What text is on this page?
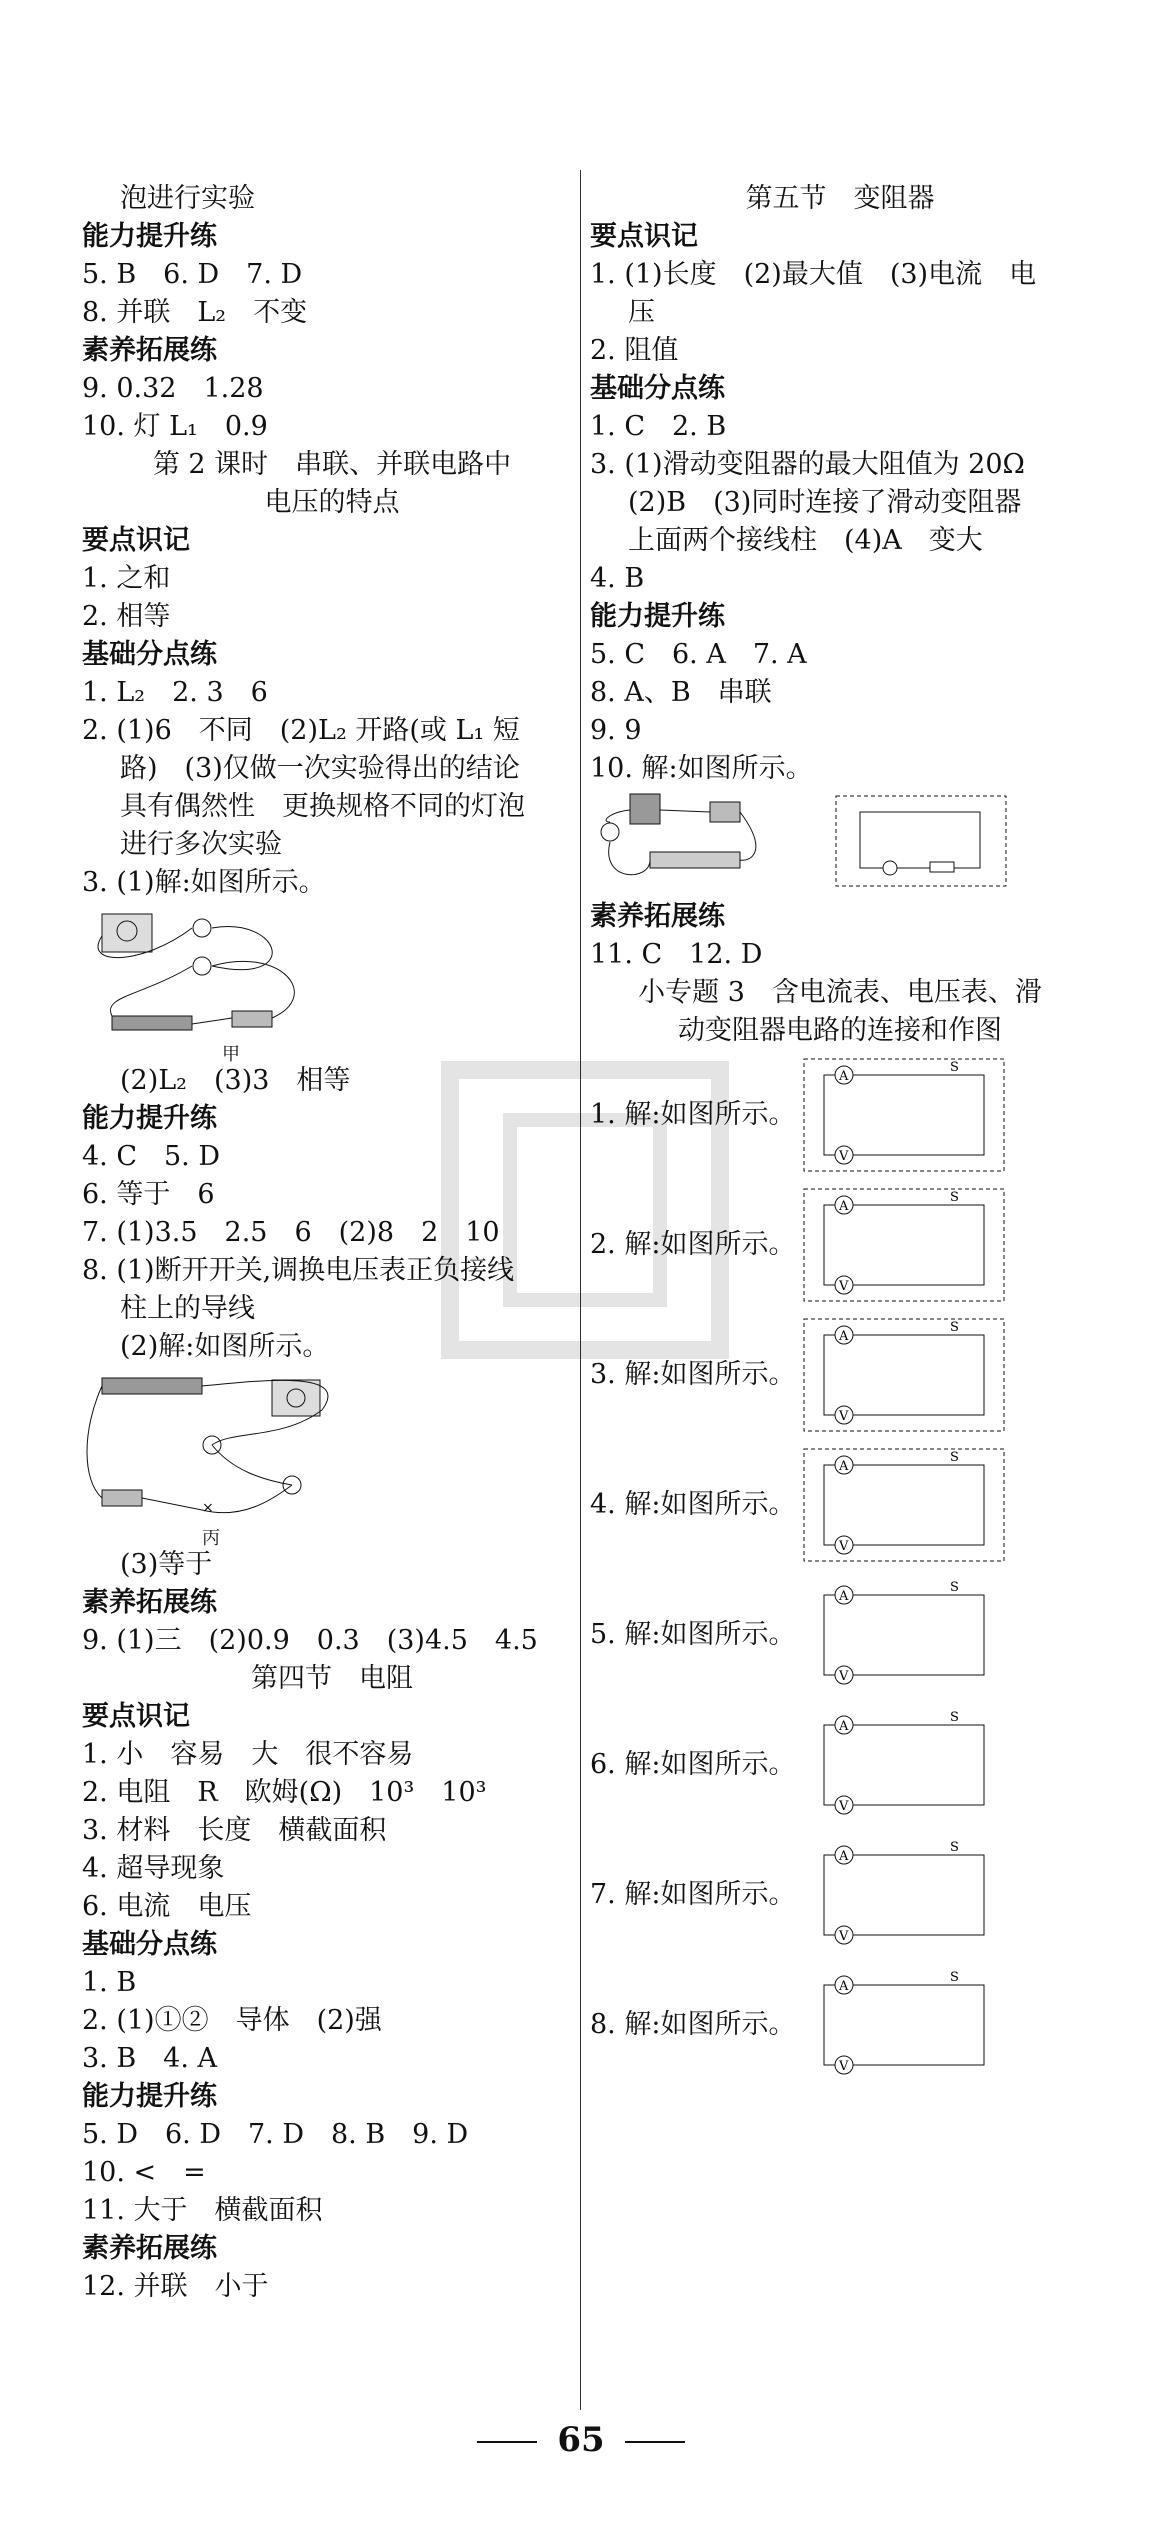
泡进行实验
能力提升练
5. B　6. D　7. D
8. 并联　L₂　不变
素养拓展练
9. 0.32　1.28
10. 灯 L₁　0.9
第 2 课时　串联、并联电路中
电压的特点
要点识记
1. 之和
2. 相等
基础分点练
1. L₂　2. 3　6
2. (1)6　不同　(2)L₂ 开路(或 L₁ 短
路)　(3)仅做一次实验得出的结论
具有偶然性　更换规格不同的灯泡
进行多次实验
3. (1)解:如图所示。
甲
(2)L₂　(3)3　相等
能力提升练
4. C　5. D
6. 等于　6
7. (1)3.5　2.5　6　(2)8　2　10
8. (1)断开开关,调换电压表正负接线
柱上的导线
(2)解:如图所示。
×
丙
(3)等于
素养拓展练
9. (1)三　(2)0.9　0.3　(3)4.5　4.5
第四节　电阻
要点识记
1. 小　容易　大　很不容易
2. 电阻　R　欧姆(Ω)　10³　10³
3. 材料　长度　横截面积
4. 超导现象
6. 电流　电压
基础分点练
1. B
2. (1)①②　导体　(2)强
3. B　4. A
能力提升练
5. D　6. D　7. D　8. B　9. D
10. <　=
11. 大于　横截面积
素养拓展练
12. 并联　小于
第五节　变阻器
要点识记
1. (1)长度　(2)最大值　(3)电流　电
压
2. 阻值
基础分点练
1. C　2. B
3. (1)滑动变阻器的最大阻值为 20Ω
(2)B　(3)同时连接了滑动变阻器
上面两个接线柱　(4)A　变大
4. B
能力提升练
5. C　6. A　7. A
8. A、B　串联
9. 9
10. 解:如图所示。
素养拓展练
11. C　12. D
小专题 3　含电流表、电压表、滑
动变阻器电路的连接和作图
1. 解:如图所示。
A
V
S
2. 解:如图所示。
A
V
S
3. 解:如图所示。
A
V
S
4. 解:如图所示。
A
V
S
5. 解:如图所示。
A
V
S
6. 解:如图所示。
A
V
S
7. 解:如图所示。
A
V
S
8. 解:如图所示。
A
V
S
65
